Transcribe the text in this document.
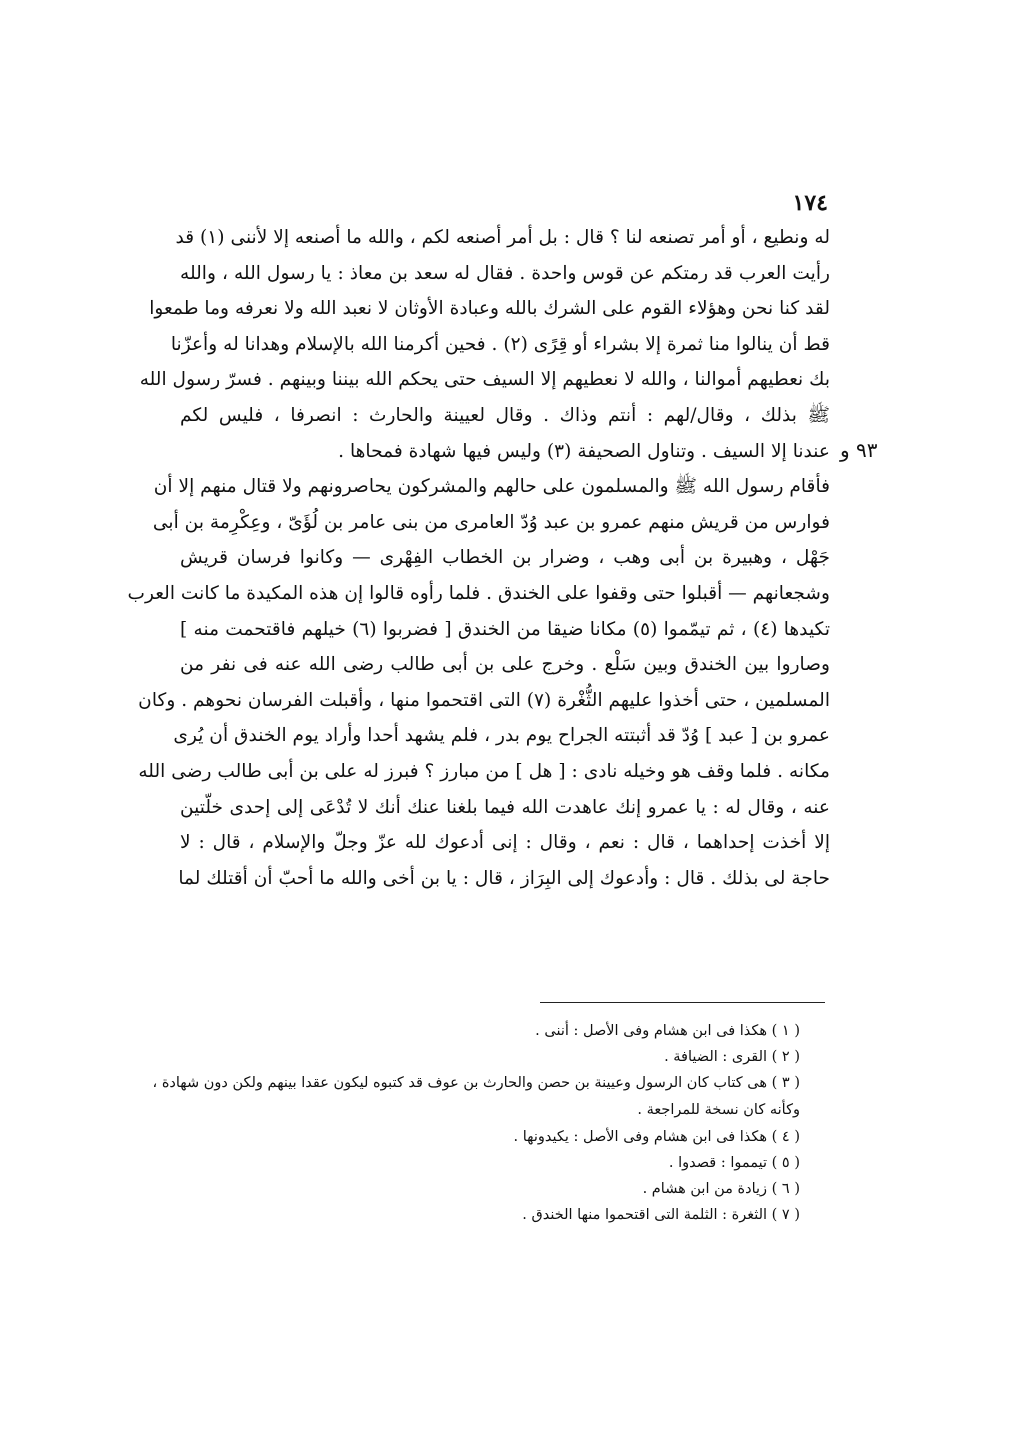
١٧٤
٩٣ و
له ونطيع ، أو أمر تصنعه لنا ؟ قال : بل أمر أصنعه لكم ، والله ما أصنعه إلا لأننى (١) قد
رأيت العرب قد رمتكم عن قوس واحدة . فقال له سعد بن معاذ : يا رسول الله ، والله
لقد كنا نحن وهؤلاء القوم على الشرك بالله وعبادة الأوثان لا نعبد الله ولا نعرفه وما طمعوا
قط أن ينالوا منا ثمرة إلا بشراء أو قِرًى (٢) . فحين أكرمنا الله بالإسلام وهدانا له وأعزّنا
بك نعطيهم أموالنا ، والله لا نعطيهم إلا السيف حتى يحكم الله بيننا وبينهم . فسرّ رسول الله
ﷺ بذلك ، وقال/لهم : أنتم وذاك . وقال لعيينة والحارث : انصرفا ، فليس لكم
عندنا إلا السيف . وتناول الصحيفة (٣) وليس فيها شهادة فمحاها .
فأقام رسول الله ﷺ والمسلمون على حالهم والمشركون يحاصرونهم ولا قتال منهم إلا أن
فوارس من قريش منهم عمرو بن عبد وُدّ العامرى من بنى عامر بن لُؤَىّ ، وعِكْرِمة بن أبى
جَهْل ، وهبيرة بن أبى وهب ، وضرار بن الخطاب الفِهْرى — وكانوا فرسان قريش
وشجعانهم — أقبلوا حتى وقفوا على الخندق . فلما رأوه قالوا إن هذه المكيدة ما كانت العرب
تكيدها (٤) ، ثم تيمّموا (٥) مكانا ضيقا من الخندق [ فضربوا (٦) خيلهم فاقتحمت منه ]
وصاروا بين الخندق وبين سَلْع . وخرج على بن أبى طالب رضى الله عنه فى نفر من
المسلمين ، حتى أخذوا عليهم الثُّغْرة (٧) التى اقتحموا منها ، وأقبلت الفرسان نحوهم . وكان
عمرو بن [ عبد ] وُدّ قد أثبتته الجراح يوم بدر ، فلم يشهد أحدا وأراد يوم الخندق أن يُرى
مكانه . فلما وقف هو وخيله نادى : [ هل ] من مبارز ؟ فبرز له على بن أبى طالب رضى الله
عنه ، وقال له : يا عمرو إنك عاهدت الله فيما بلغنا عنك أنك لا تُدْعَى إلى إحدى خلّتين
إلا أخذت إحداهما ، قال : نعم ، وقال : إنى أدعوك لله عزّ وجلّ والإسلام ، قال : لا
حاجة لى بذلك . قال : وأدعوك إلى البِرَاز ، قال : يا بن أخى والله ما أحبّ أن أقتلك لما
( ١ ) هكذا فى ابن هشام وفى الأصل : أننى .
( ٢ ) القرى : الضيافة .
( ٣ ) هى كتاب كان الرسول وعيينة بن حصن والحارث بن عوف قد كتبوه ليكون عقدا بينهم ولكن دون شهادة ،
وكأنه كان نسخة للمراجعة .
( ٤ ) هكذا فى ابن هشام وفى الأصل : يكيدونها .
( ٥ ) تيمموا : قصدوا .
( ٦ ) زيادة من ابن هشام .
( ٧ ) الثغرة : الثلمة التى اقتحموا منها الخندق .
